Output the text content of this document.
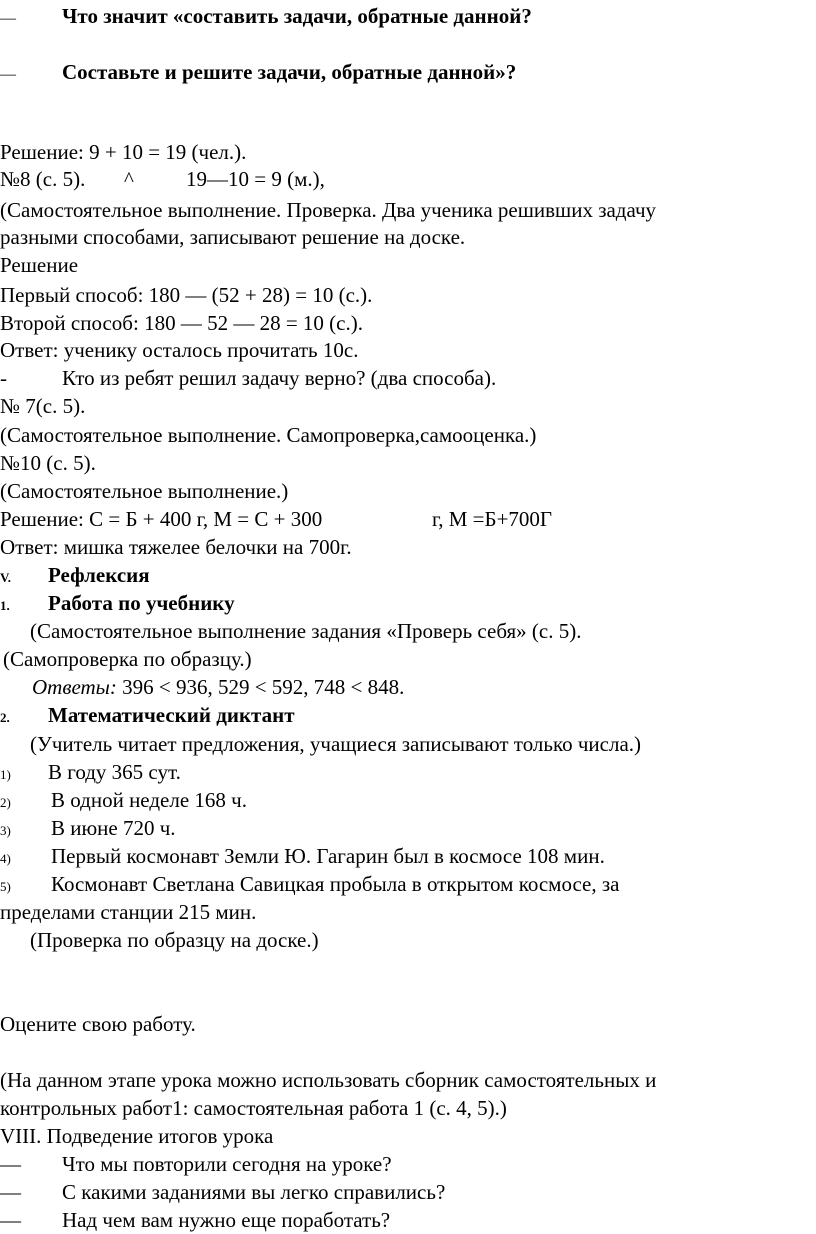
— Что значит «составить задачи, обратные данной?
— Составьте и решите задачи, обратные данной»?
Решение: 9 + 10 = 19 (чел.).
№8 (с. 5). ^ 19—10 = 9 (м.),
(Самостоятельное выполнение. Проверка. Два ученика решивших задачу
разными способами, записывают решение на доске.
Решение
Первый способ: 180 — (52 + 28) = 10 (с.).
Второй способ: 180 — 52 — 28 = 10 (с.).
Ответ: ученику осталось прочитать 10с.
-	Кто из ребят решил задачу верно? (два способа).
№ 7(с. 5).
(Самостоятельное выполнение. Самопроверка,самооценка.)
№10 (с. 5).
(Самостоятельное выполнение.)
Решение: С = Б + 400 г, М = С + 300	г, М =Б+700Г
Ответ: мишка тяжелее белочки на 700г.
V. Рефлексия
1. Работа по учебнику
(Самостоятельное выполнение задания «Проверь себя» (с. 5).
(Самопроверка по образцу.)
Ответы: 396 < 936, 529 < 592, 748 < 848.
2. Математический диктант
(Учитель читает предложения, учащиеся записывают только числа.)
1) В году 365 сут.
2) В одной неделе 168 ч.
3) В июне 720 ч.
4) Первый космонавт Земли Ю. Гагарин был в космосе 108 мин.
5) Космонавт Светлана Савицкая пробыла в открытом космосе, за
пределами станции 215 мин.
(Проверка по образцу на доске.)
Оцените свою работу.
(На данном этапе урока можно использовать сборник самостоятельных и
контрольных работ1: самостоятельная работа 1 (с. 4, 5).)
VIII. Подведение итогов урока
— Что мы повторили сегодня на уроке?
— С какими заданиями вы легко справились?
— Над чем вам нужно еще поработать?
